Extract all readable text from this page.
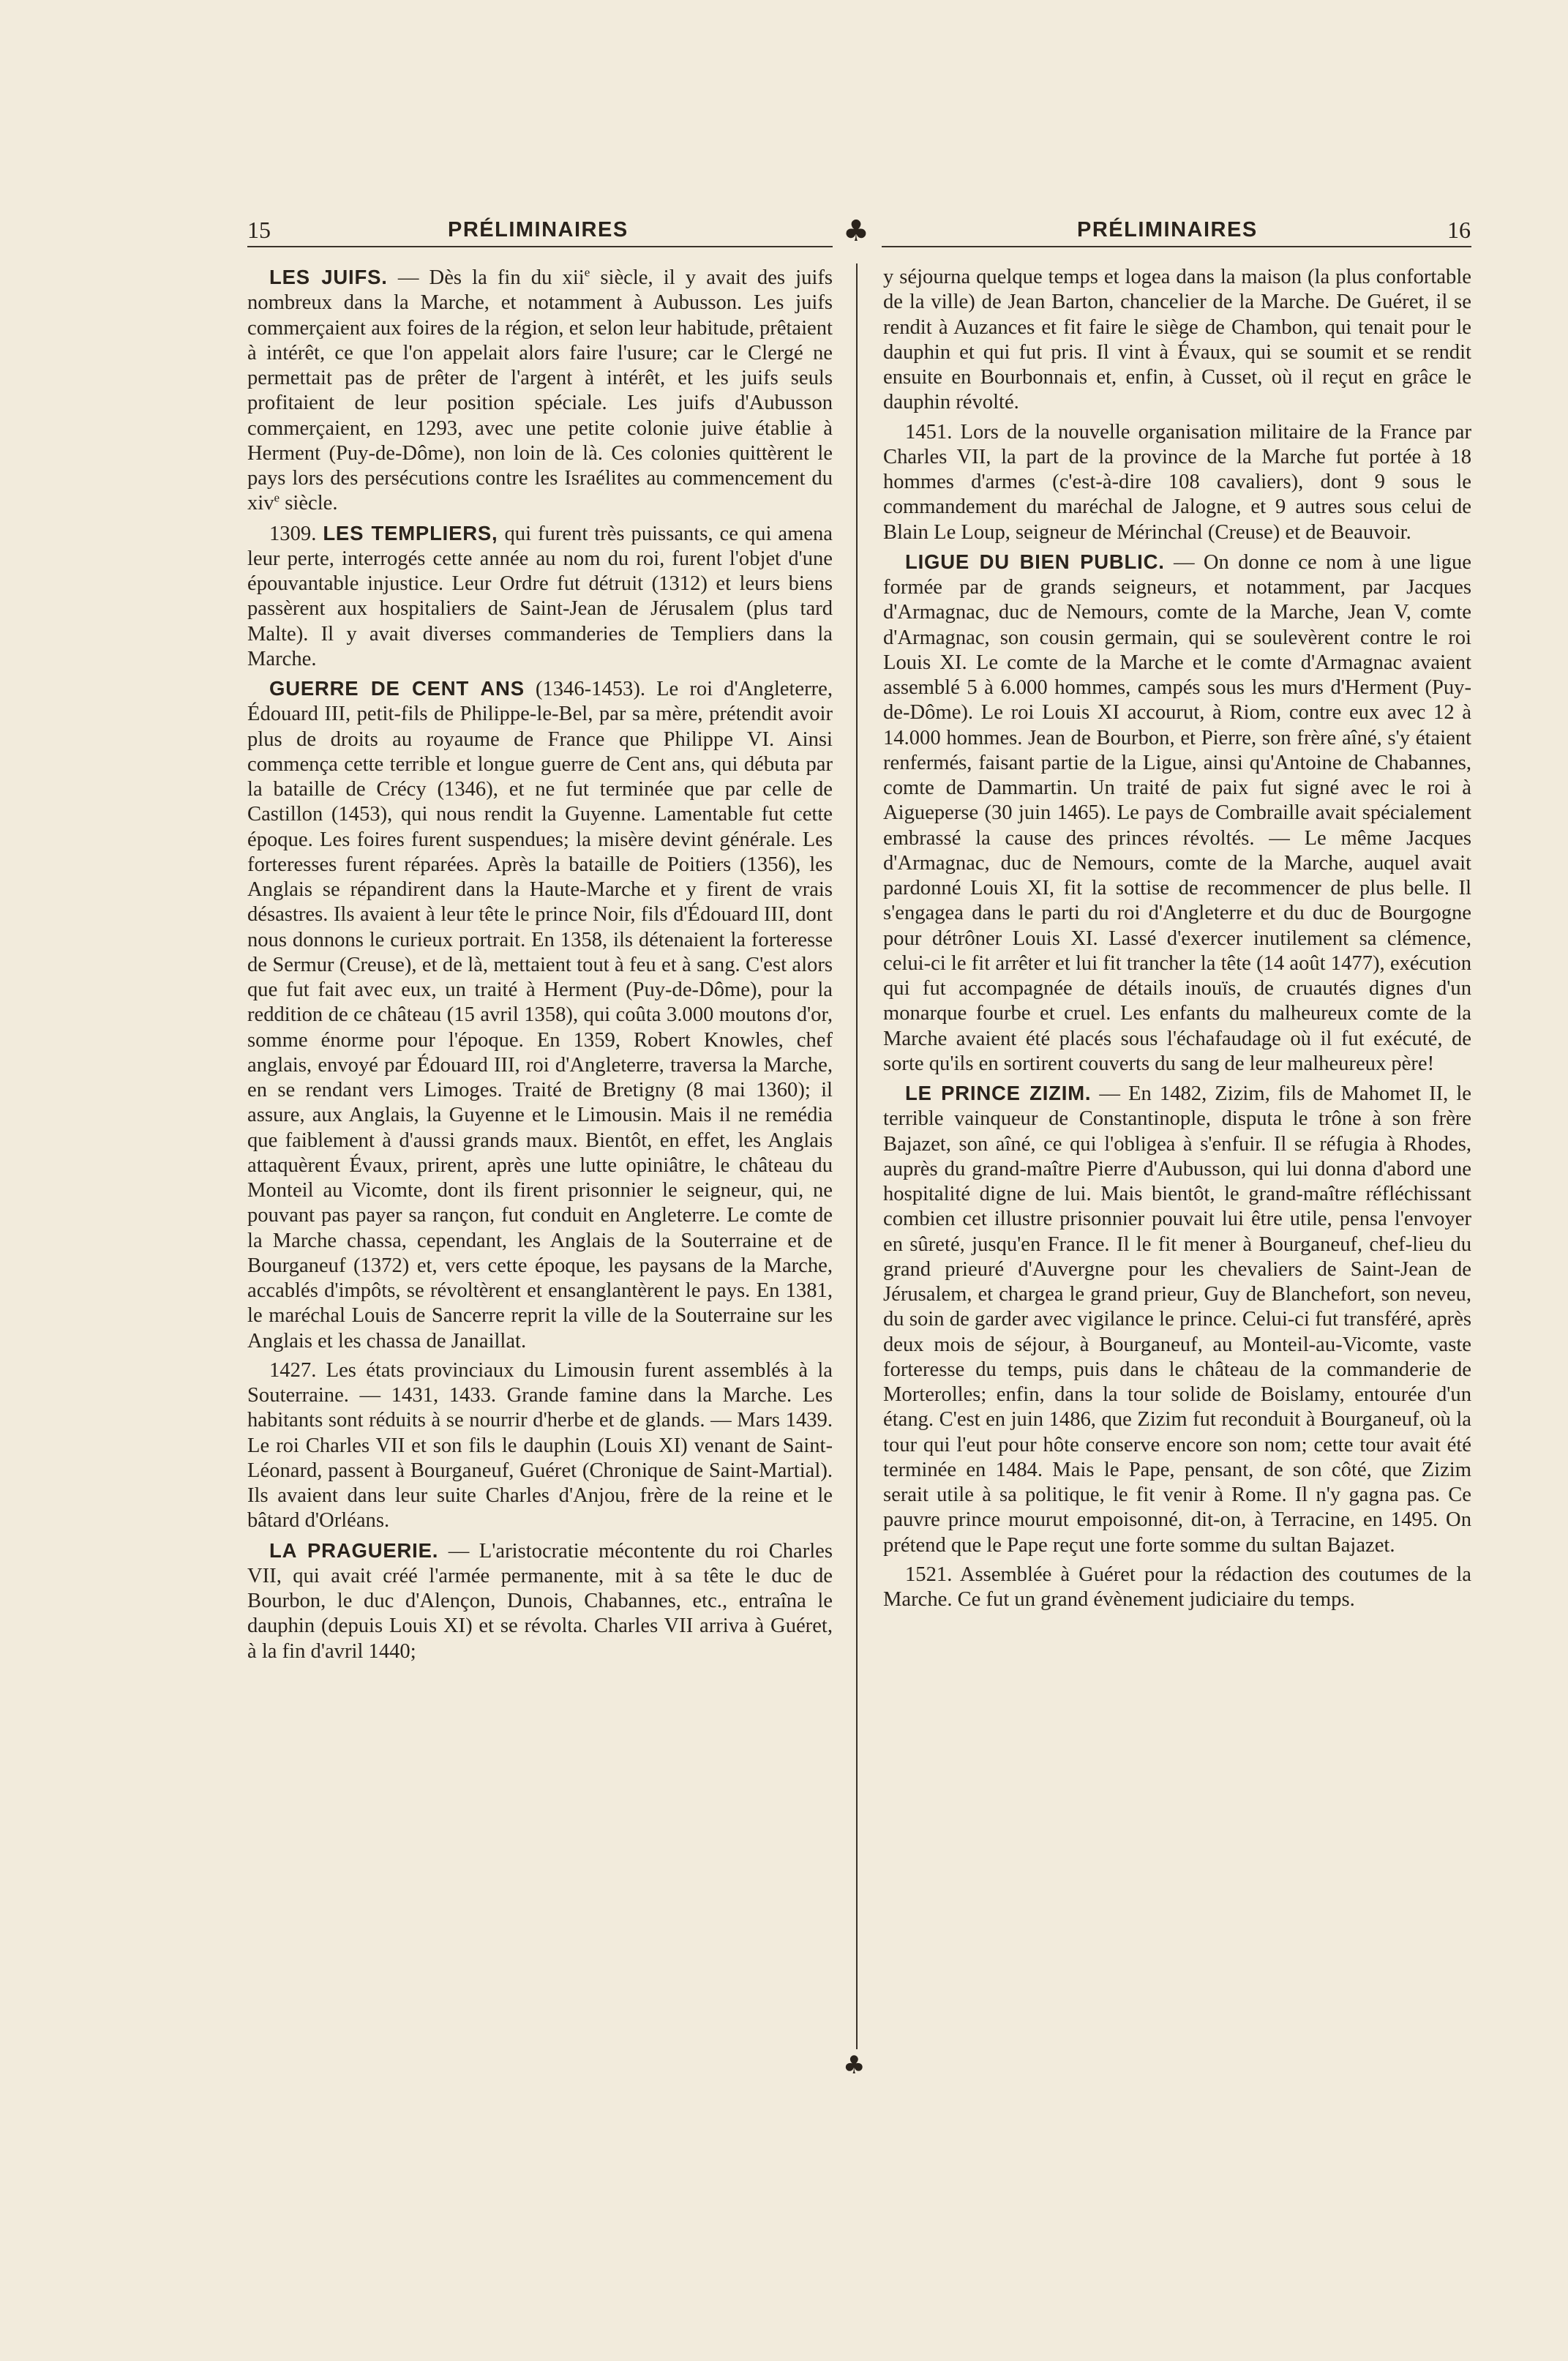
15	PRÉLIMINAIRES	PRÉLIMINAIRES	16
♣
♣

LES JUIFS. — Dès la fin du xii$^e$ siècle, il y avait des juifs nombreux dans la Marche, et notamment à Aubusson. Les juifs commerçaient aux foires de la région, et selon leur habitude, prêtaient à intérêt, ce que l'on appelait alors faire l'usure; car le Clergé ne permettait pas de prêter de l'argent à intérêt, et les juifs seuls profitaient de leur position spéciale. Les juifs d'Aubusson commerçaient, en 1293, avec une petite colonie juive établie à Herment (Puy-de-Dôme), non loin de là. Ces colonies quittèrent le pays lors des persécutions contre les Israélites au commencement du xiv$^e$ siècle.

1309. LES TEMPLIERS, qui furent très puissants, ce qui amena leur perte, interrogés cette année au nom du roi, furent l'objet d'une épouvantable injustice. Leur Ordre fut détruit (1312) et leurs biens passèrent aux hospitaliers de Saint-Jean de Jérusalem (plus tard Malte). Il y avait diverses commanderies de Templiers dans la Marche.

GUERRE DE CENT ANS (1346-1453). Le roi d'Angleterre, Édouard III, petit-fils de Philippe-le-Bel, par sa mère, prétendit avoir plus de droits au royaume de France que Philippe VI. Ainsi commença cette terrible et longue guerre de Cent ans, qui débuta par la bataille de Crécy (1346), et ne fut terminée que par celle de Castillon (1453), qui nous rendit la Guyenne. Lamentable fut cette époque. Les foires furent suspendues; la misère devint générale. Les forteresses furent réparées. Après la bataille de Poitiers (1356), les Anglais se répandirent dans la Haute-Marche et y firent de vrais désastres. Ils avaient à leur tête le prince Noir, fils d'Édouard III, dont nous donnons le curieux portrait. En 1358, ils détenaient la forteresse de Sermur (Creuse), et de là, mettaient tout à feu et à sang. C'est alors que fut fait avec eux, un traité à Herment (Puy-de-Dôme), pour la reddition de ce château (15 avril 1358), qui coûta 3.000 moutons d'or, somme énorme pour l'époque. En 1359, Robert Knowles, chef anglais, envoyé par Édouard III, roi d'Angleterre, traversa la Marche, en se rendant vers Limoges. Traité de Bretigny (8 mai 1360); il assure, aux Anglais, la Guyenne et le Limousin. Mais il ne remédia que faiblement à d'aussi grands maux. Bientôt, en effet, les Anglais attaquèrent Évaux, prirent, après une lutte opiniâtre, le château du Monteil au Vicomte, dont ils firent prisonnier le seigneur, qui, ne pouvant pas payer sa rançon, fut conduit en Angleterre. Le comte de la Marche chassa, cependant, les Anglais de la Souterraine et de Bourganeuf (1372) et, vers cette époque, les paysans de la Marche, accablés d'impôts, se révoltèrent et ensanglantèrent le pays. En 1381, le maréchal Louis de Sancerre reprit la ville de la Souterraine sur les Anglais et les chassa de Janaillat.

1427. Les états provinciaux du Limousin furent assemblés à la Souterraine. — 1431, 1433. Grande famine dans la Marche. Les habitants sont réduits à se nourrir d'herbe et de glands. — Mars 1439. Le roi Charles VII et son fils le dauphin (Louis XI) venant de Saint-Léonard, passent à Bourganeuf, Guéret (Chronique de Saint-Martial). Ils avaient dans leur suite Charles d'Anjou, frère de la reine et le bâtard d'Orléans.

LA PRAGUERIE. — L'aristocratie mécontente du roi Charles VII, qui avait créé l'armée permanente, mit à sa tête le duc de Bourbon, le duc d'Alençon, Dunois, Chabannes, etc., entraîna le dauphin (depuis Louis XI) et se révolta. Charles VII arriva à Guéret, à la fin d'avril 1440;

y séjourna quelque temps et logea dans la maison (la plus confortable de la ville) de Jean Barton, chancelier de la Marche. De Guéret, il se rendit à Auzances et fit faire le siège de Chambon, qui tenait pour le dauphin et qui fut pris. Il vint à Évaux, qui se soumit et se rendit ensuite en Bourbonnais et, enfin, à Cusset, où il reçut en grâce le dauphin révolté.

1451. Lors de la nouvelle organisation militaire de la France par Charles VII, la part de la province de la Marche fut portée à 18 hommes d'armes (c'est-à-dire 108 cavaliers), dont 9 sous le commandement du maréchal de Jalogne, et 9 autres sous celui de Blain Le Loup, seigneur de Mérinchal (Creuse) et de Beauvoir.

LIGUE DU BIEN PUBLIC. — On donne ce nom à une ligue formée par de grands seigneurs, et notamment, par Jacques d'Armagnac, duc de Nemours, comte de la Marche, Jean V, comte d'Armagnac, son cousin germain, qui se soulevèrent contre le roi Louis XI. Le comte de la Marche et le comte d'Armagnac avaient assemblé 5 à 6.000 hommes, campés sous les murs d'Herment (Puy-de-Dôme). Le roi Louis XI accourut, à Riom, contre eux avec 12 à 14.000 hommes. Jean de Bourbon, et Pierre, son frère aîné, s'y étaient renfermés, faisant partie de la Ligue, ainsi qu'Antoine de Chabannes, comte de Dammartin. Un traité de paix fut signé avec le roi à Aigueperse (30 juin 1465). Le pays de Combraille avait spécialement embrassé la cause des princes révoltés. — Le même Jacques d'Armagnac, duc de Nemours, comte de la Marche, auquel avait pardonné Louis XI, fit la sottise de recommencer de plus belle. Il s'engagea dans le parti du roi d'Angleterre et du duc de Bourgogne pour détrôner Louis XI. Lassé d'exercer inutilement sa clémence, celui-ci le fit arrêter et lui fit trancher la tête (14 août 1477), exécution qui fut accompagnée de détails inouïs, de cruautés dignes d'un monarque fourbe et cruel. Les enfants du malheureux comte de la Marche avaient été placés sous l'échafaudage où il fut exécuté, de sorte qu'ils en sortirent couverts du sang de leur malheureux père!

LE PRINCE ZIZIM. — En 1482, Zizim, fils de Mahomet II, le terrible vainqueur de Constantinople, disputa le trône à son frère Bajazet, son aîné, ce qui l'obligea à s'enfuir. Il se réfugia à Rhodes, auprès du grand-maître Pierre d'Aubusson, qui lui donna d'abord une hospitalité digne de lui. Mais bientôt, le grand-maître réfléchissant combien cet illustre prisonnier pouvait lui être utile, pensa l'envoyer en sûreté, jusqu'en France. Il le fit mener à Bourganeuf, chef-lieu du grand prieuré d'Auvergne pour les chevaliers de Saint-Jean de Jérusalem, et chargea le grand prieur, Guy de Blanchefort, son neveu, du soin de garder avec vigilance le prince. Celui-ci fut transféré, après deux mois de séjour, à Bourganeuf, au Monteil-au-Vicomte, vaste forteresse du temps, puis dans le château de la commanderie de Morterolles; enfin, dans la tour solide de Boislamy, entourée d'un étang. C'est en juin 1486, que Zizim fut reconduit à Bourganeuf, où la tour qui l'eut pour hôte conserve encore son nom; cette tour avait été terminée en 1484. Mais le Pape, pensant, de son côté, que Zizim serait utile à sa politique, le fit venir à Rome. Il n'y gagna pas. Ce pauvre prince mourut empoisonné, dit-on, à Terracine, en 1495. On prétend que le Pape reçut une forte somme du sultan Bajazet.

1521. Assemblée à Guéret pour la rédaction des coutumes de la Marche. Ce fut un grand évènement judiciaire du temps.
